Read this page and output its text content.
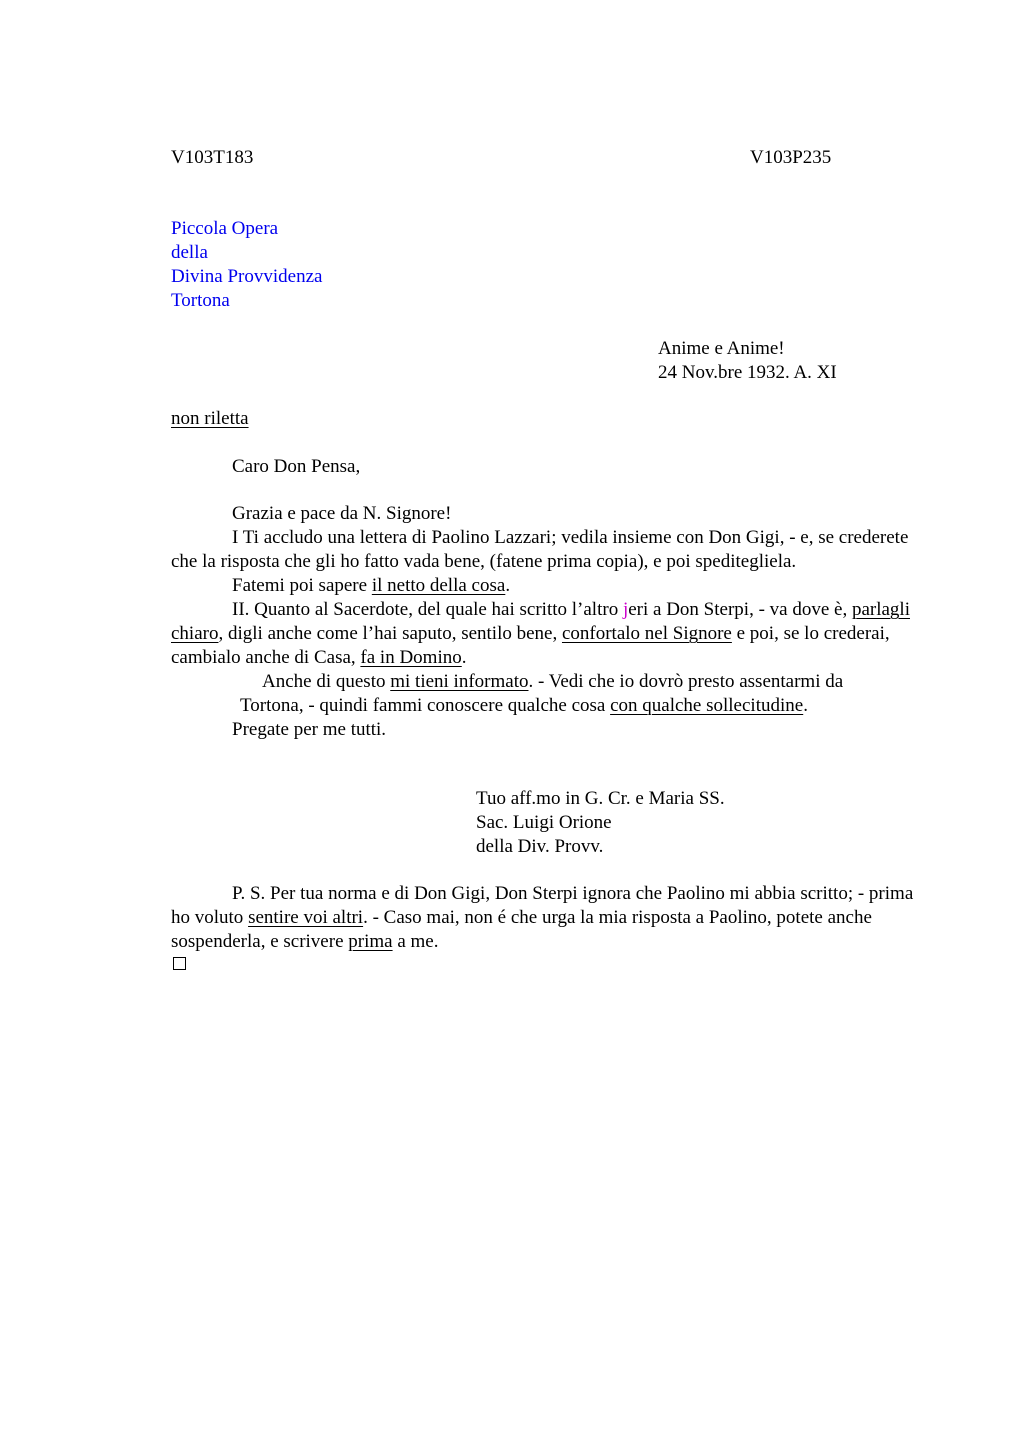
V103T183	V103P235
Piccola Opera
della
Divina Provvidenza
Tortona
Anime e Anime!
24 Nov.bre 1932. A. XI
non riletta
Caro Don Pensa,

Grazia e pace da N. Signore!

I Ti accludo una lettera di Paolino Lazzari; vedila insieme con Don Gigi, - e, se crederete che la risposta che gli ho fatto vada bene, (fatene prima copia), e poi speditegliela.

Fatemi poi sapere il netto della cosa.

II. Quanto al Sacerdote, del quale hai scritto l’altro jeri a Don Sterpi, - va dove è, parlagli chiaro, digli anche come l’hai saputo, sentilo bene, confortalo nel Signore e poi, se lo crederai, cambialo anche di Casa, fa in Domino.

Anche di questo mi tieni informato. - Vedi che io dovrò presto assentarmi da

Tortona, - quindi fammi conoscere qualche cosa con qualche sollecitudine.

Pregate per me tutti.

Tuo aff.mo in G. Cr. e Maria SS.
Sac. Luigi Orione
della Div. Provv.

P. S. Per tua norma e di Don Gigi, Don Sterpi ignora che Paolino mi abbia scritto; - prima ho voluto sentire voi altri. - Caso mai, non é che urga la mia risposta a Paolino, potete anche sospenderla, e scrivere prima a me.
